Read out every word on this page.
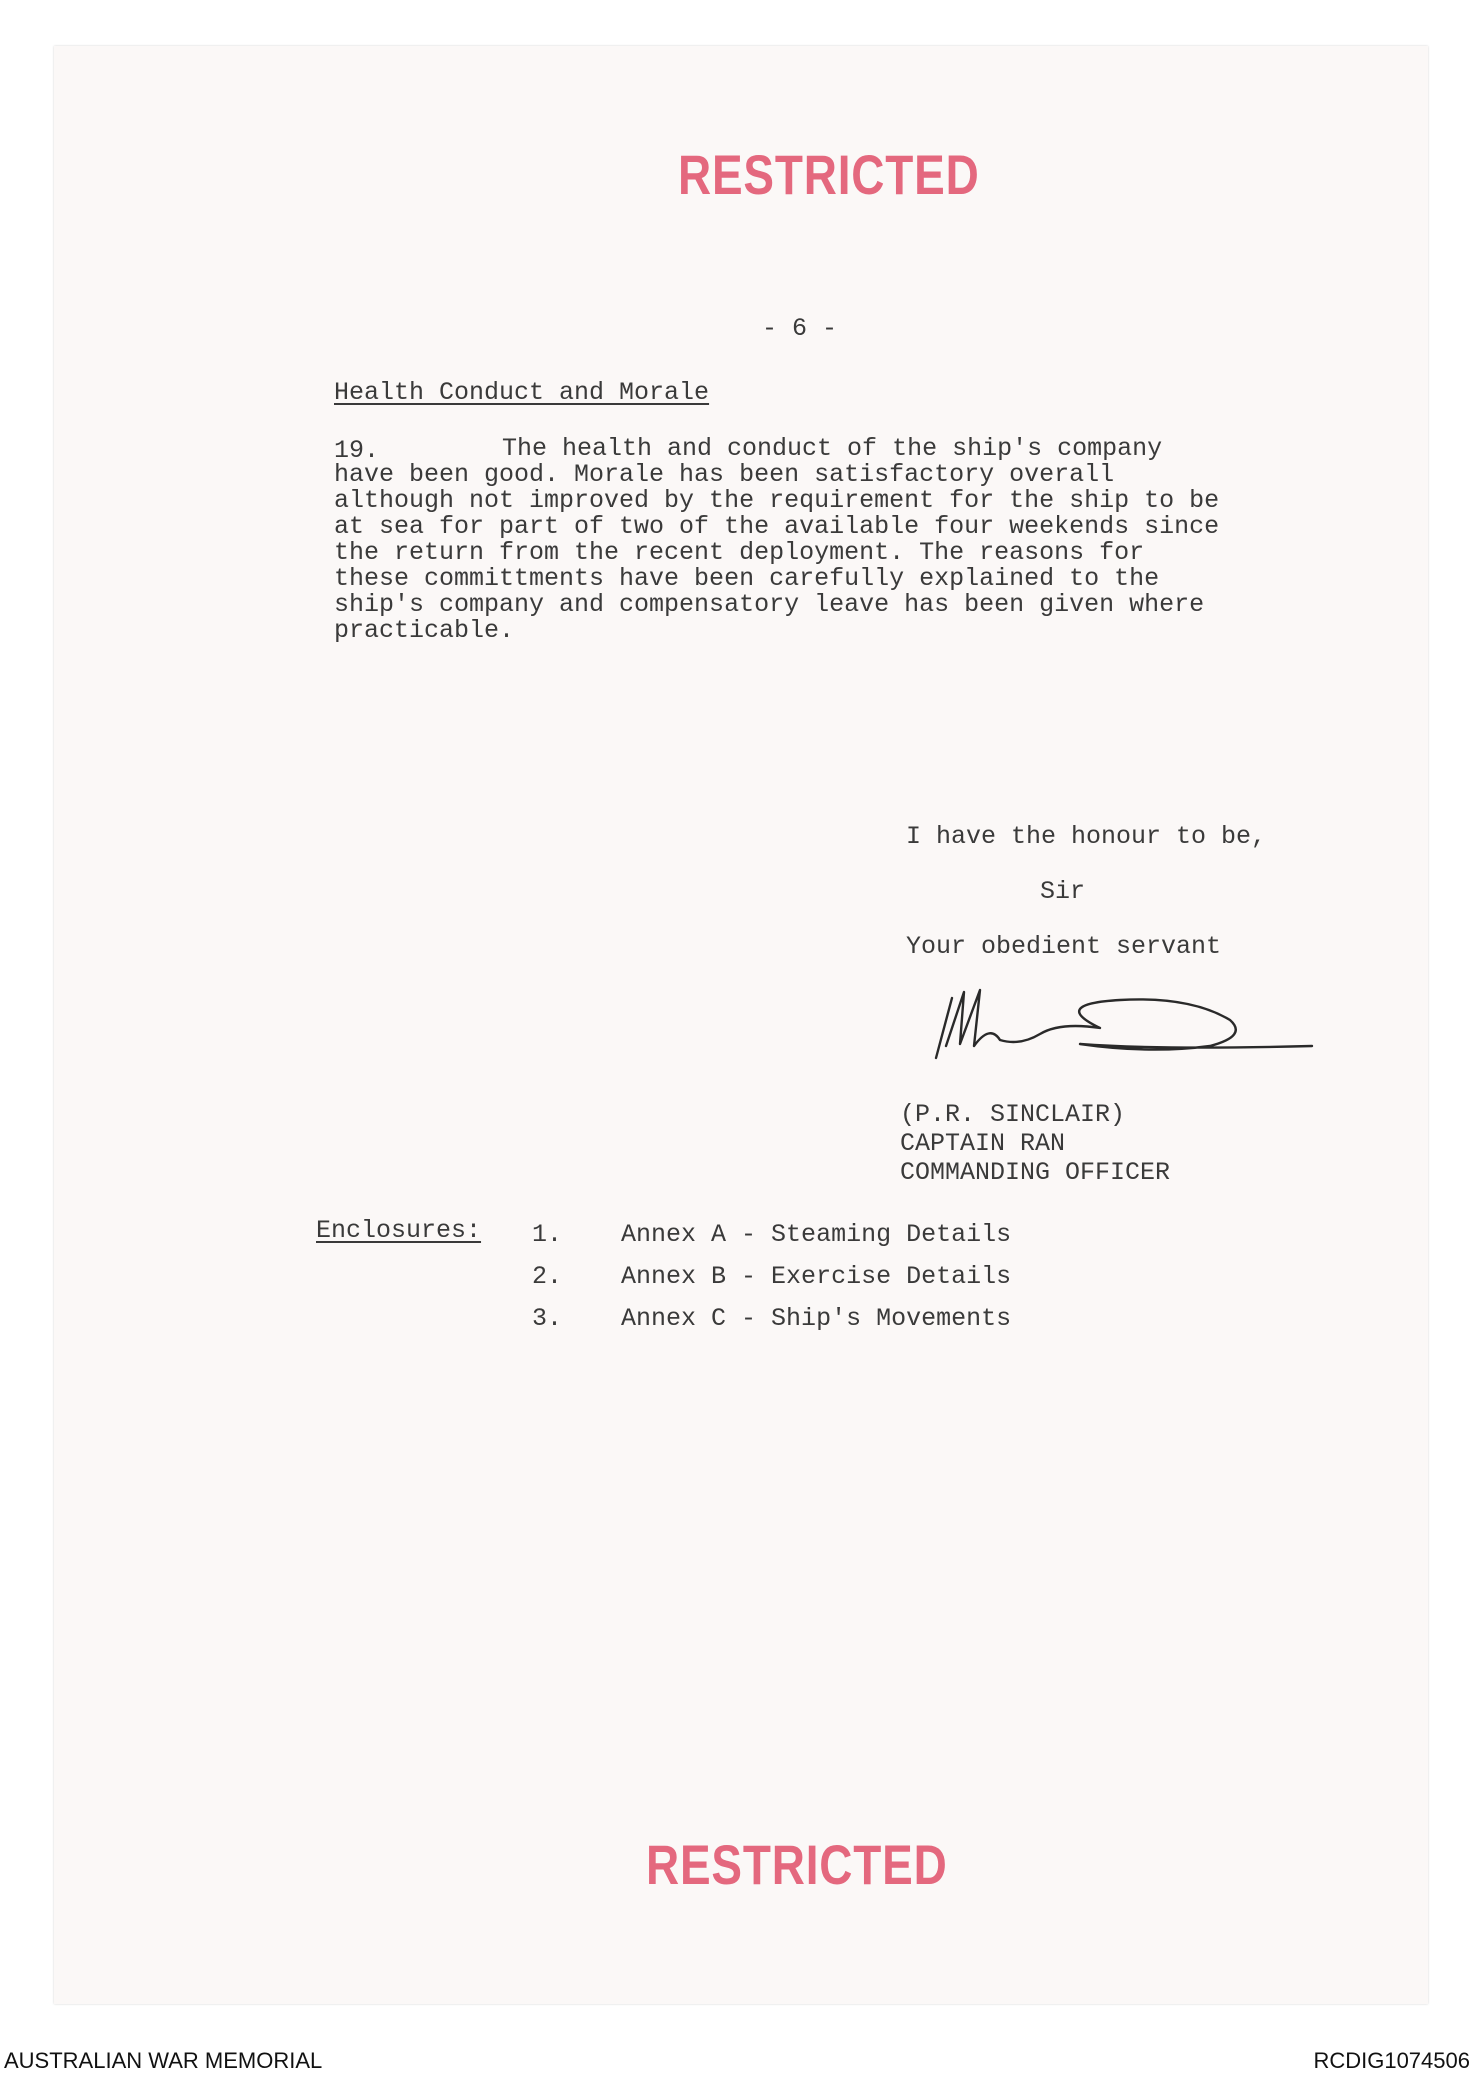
RESTRICTED
- 6 -
Health Conduct and Morale
19.	The health and conduct of the ship's company
have been good. Morale has been satisfactory overall
although not improved by the requirement for the ship to be
at sea for part of two of the available four weekends since
the return from the recent deployment. The reasons for
these committments have been carefully explained to the
ship's company and compensatory leave has been given where
practicable.
I have the honour to be,
Sir
Your obedient servant
(P.R. SINCLAIR)
CAPTAIN RAN
COMMANDING OFFICER
Enclosures: 1. Annex A - Steaming Details
2. Annex B - Exercise Details
3. Annex C - Ship's Movements
RESTRICTED
AUSTRALIAN WAR MEMORIAL	RCDIG1074506
